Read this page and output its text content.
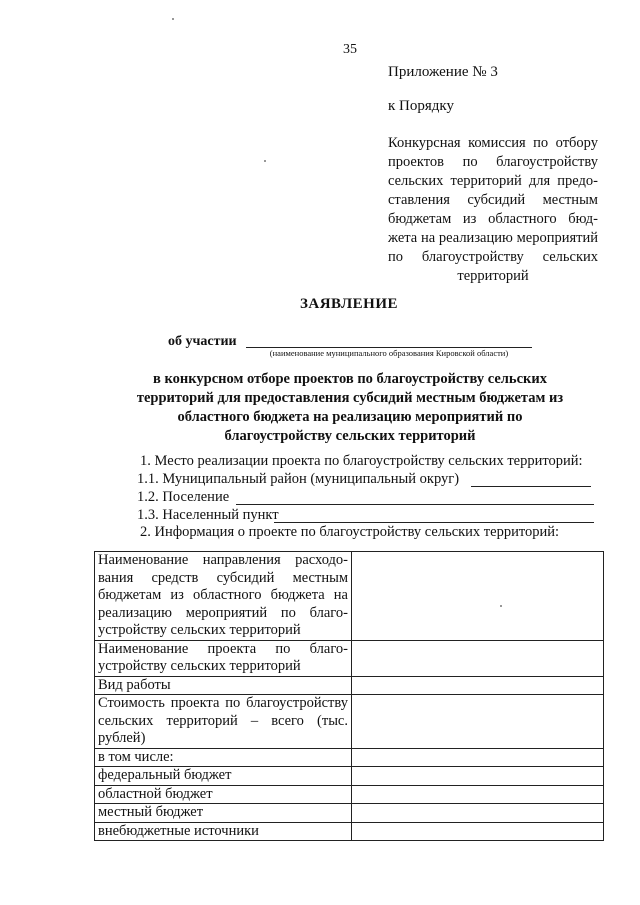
35
Приложение № 3
к Порядку
Конкурсная комиссия по отбору проектов по благоустройству сельских территорий для предоставления субсидий местным бюджетам из областного бюджета на реализацию мероприятий по благоустройству сельских территорий
ЗАЯВЛЕНИЕ
об участии
(наименование муниципального образования Кировской области)
в конкурсном отборе проектов по благоустройству сельских территорий для предоставления субсидий местным бюджетам из областного бюджета на реализацию мероприятий по благоустройству сельских территорий
1. Место реализации проекта по благоустройству сельских территорий:
1.1. Муниципальный район (муниципальный округ)
1.2. Поселение
1.3. Населенный пункт
2. Информация о проекте по благоустройству сельских территорий:
Наименование направления расходования средств субсидий местным бюджетам из областного бюджета на реализацию мероприятий по благоустройству сельских территорий	
Наименование проекта по благоустройству сельских территорий	
Вид работы	
Стоимость проекта по благоустройству сельских территорий – всего (тыс. рублей)	
в том числе:	
федеральный бюджет	
областной бюджет	
местный бюджет	
внебюджетные источники	
